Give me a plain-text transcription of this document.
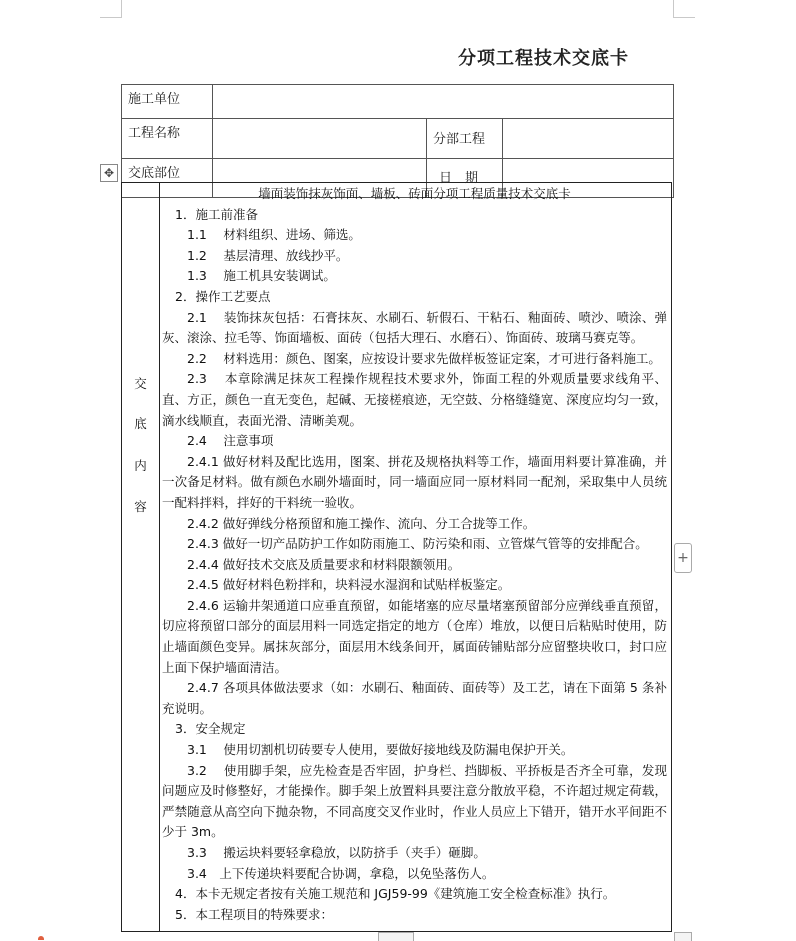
分项工程技术交底卡
施工单位			
工程名称		分部工程	
交底部位		日　期	
✥
交
底
内
容

墙面装饰抹灰饰面、墙板、砖面分项工程质量技术交底卡

1．施工前准备

1.1　 材料组织、进场、筛选。

1.2　 基层清理、放线抄平。

1.3　 施工机具安装调试。

2．操作工艺要点

2.1　 装饰抹灰包括：石膏抹灰、水刷石、斩假石、干粘石、釉面砖、喷沙、喷涂、弹灰、滚涂、拉毛等、饰面墙板、面砖（包括大理石、水磨石）、饰面砖、玻璃马赛克等。

2.2　 材料选用：颜色、图案，应按设计要求先做样板签证定案，才可进行备料施工。

2.3　 本章除满足抹灰工程操作规程技术要求外，饰面工程的外观质量要求线角平、直、方正，颜色一直无变色，起碱、无接槎痕迹，无空鼓、分格缝缝宽、深度应均匀一致，滴水线顺直，表面光滑、清晰美观。

2.4　 注意事项

2.4.1 做好材料及配比选用，图案、拼花及规格执料等工作，墙面用料要计算准确，并一次备足材料。做有颜色水刷外墙面时，同一墙面应同一原材料同一配剂，采取集中人员统一配料拌料，拌好的干料统一验收。

2.4.2 做好弹线分格预留和施工操作、流向、分工合拢等工作。

2.4.3 做好一切产品防护工作如防雨施工、防污染和雨、立管煤气管等的安排配合。

2.4.4 做好技术交底及质量要求和材料限额领用。

2.4.5 做好材料色粉拌和，块料浸水湿润和试贴样板鉴定。

2.4.6 运输井架通道口应垂直预留，如能堵塞的应尽量堵塞预留部分应弹线垂直预留，切应将预留口部分的面层用料一同选定指定的地方（仓库）堆放，以便日后粘贴时使用，防止墙面颜色变异。属抹灰部分，面层用木线条间开，属面砖铺贴部分应留整块收口，封口应上面下保护墙面清洁。

2.4.7 各项具体做法要求（如：水刷石、釉面砖、面砖等）及工艺，请在下面第 5 条补充说明。

3．安全规定

3.1　 使用切割机切砖要专人使用，要做好接地线及防漏电保护开关。

3.2　 使用脚手架，应先检查是否牢固，护身栏、挡脚板、平挢板是否齐全可靠，发现问题应及时修整好，才能操作。脚手架上放置料具要注意分散放平稳，不许超过规定荷载，严禁随意从高空向下抛杂物，不同高度交叉作业时，作业人员应上下错开，错开水平间距不少于 3m。

3.3　 搬运块料要轻拿稳放，以防挤手（夹手）砸脚。

3.4　上下传递块料要配合协调，拿稳，以免坠落伤人。

4．本卡无规定者按有关施工规范和 JGJ59-99《建筑施工安全检查标准》执行。

5．本工程项目的特殊要求：

+
